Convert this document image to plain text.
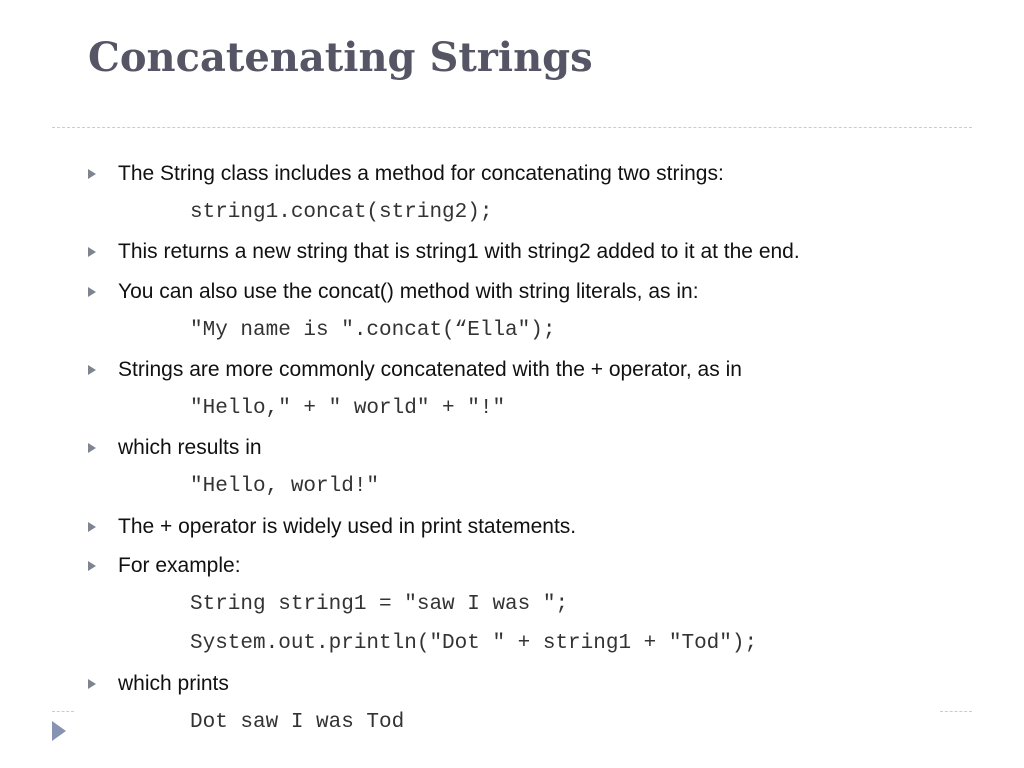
Concatenating Strings
The String class includes a method for concatenating two strings:
string1.concat(string2);
This returns a new string that is string1 with string2 added to it at the end.
You can also use the concat() method with string literals, as in:
"My name is ".concat(“Ella");
Strings are more commonly concatenated with the + operator, as in
"Hello," + " world" + "!"
which results in
"Hello, world!"
The + operator is widely used in print statements.
For example:
String string1 = "saw I was ";
System.out.println("Dot " + string1 + "Tod");
which prints
Dot saw I was Tod
